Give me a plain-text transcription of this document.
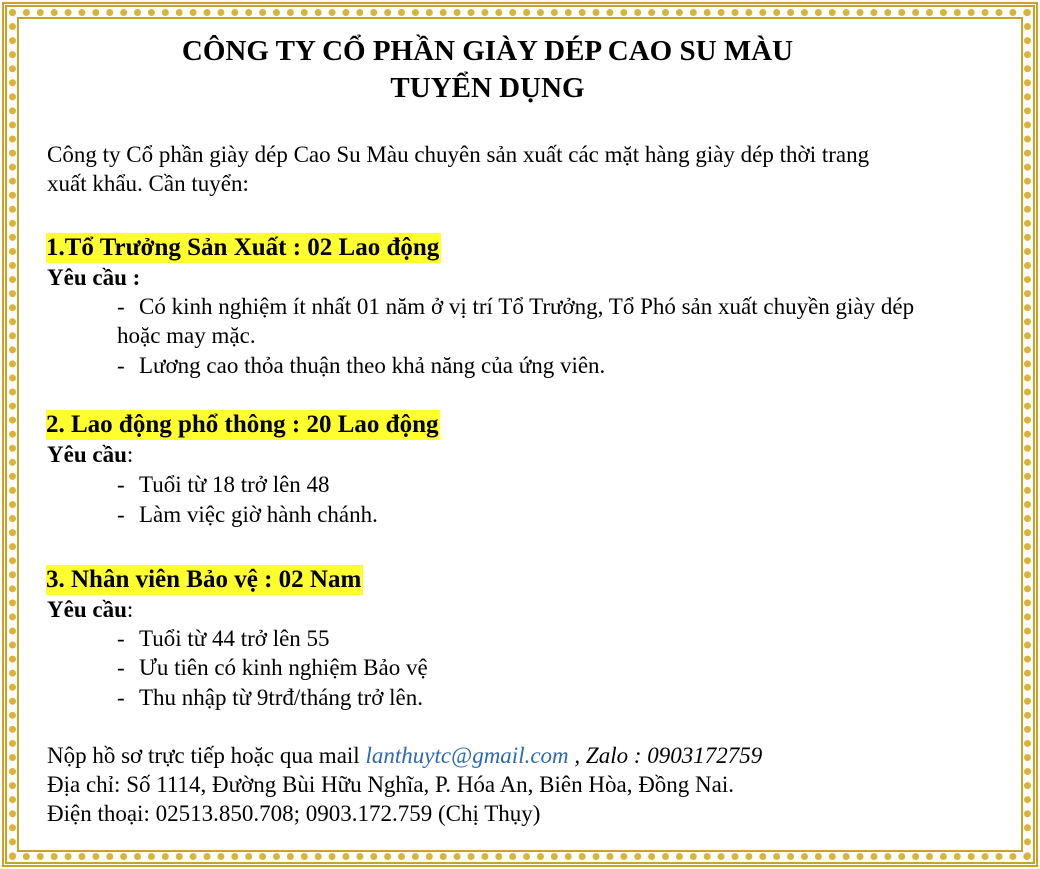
CÔNG TY CỔ PHẦN GIÀY DÉP CAO SU MÀU
TUYỂN DỤNG
Công ty Cổ phần giày dép Cao Su Màu chuyên sản xuất các mặt hàng giày dép thời trang
xuất khẩu. Cần tuyển:
1.Tổ Trưởng Sản Xuất : 02 Lao động
Yêu cầu :
- Có kinh nghiệm ít nhất 01 năm ở vị trí Tổ Trưởng, Tổ Phó sản xuất chuyền giày dép
hoặc may mặc.
- Lương cao thỏa thuận theo khả năng của ứng viên.
2. Lao động phổ thông : 20 Lao động
Yêu cầu:
- Tuổi từ 18 trở lên 48
- Làm việc giờ hành chánh.
3. Nhân viên Bảo vệ : 02 Nam
Yêu cầu:
- Tuổi từ 44 trở lên 55
- Ưu tiên có kinh nghiệm Bảo vệ
- Thu nhập từ 9trđ/tháng trở lên.
Nộp hồ sơ trực tiếp hoặc qua mail lanthuytc@gmail.com , Zalo : 0903172759
Địa chỉ: Số 1114, Đường Bùi Hữu Nghĩa, P. Hóa An, Biên Hòa, Đồng Nai.
Điện thoại: 02513.850.708; 0903.172.759 (Chị Thụy)
